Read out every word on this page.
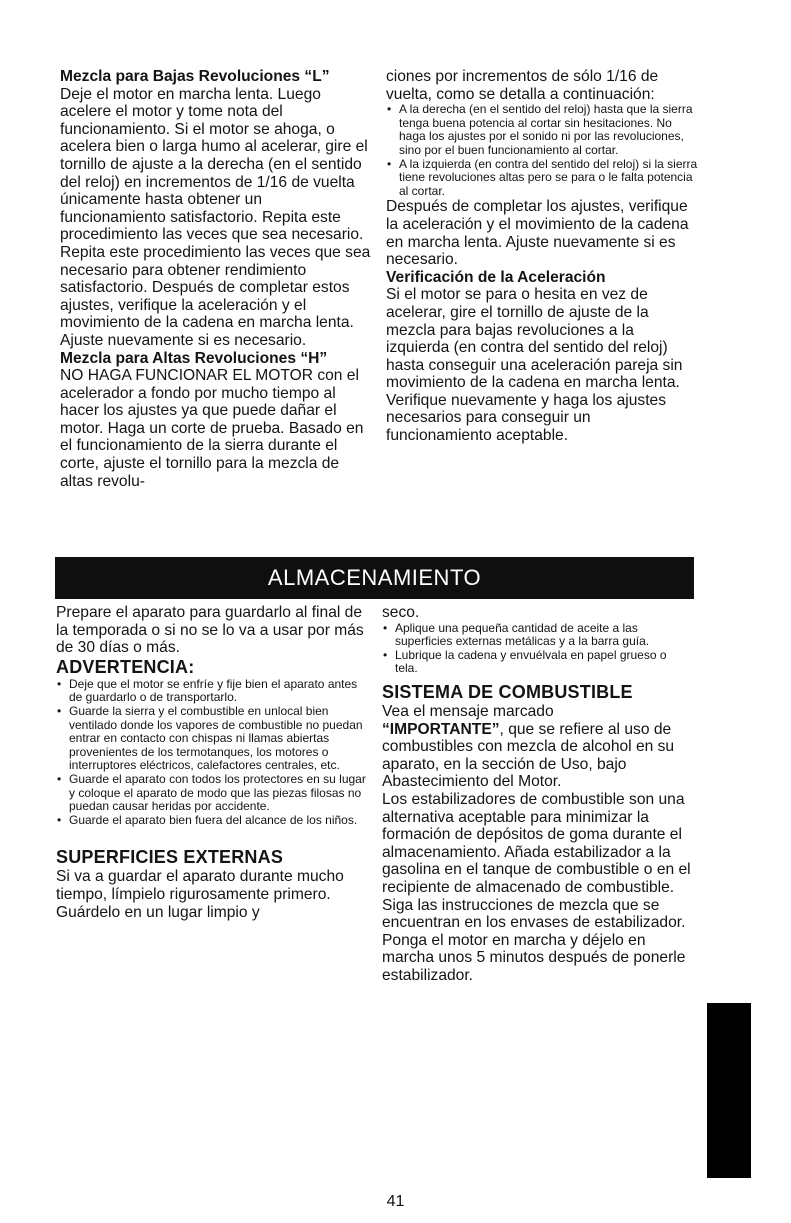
Mezcla para Bajas Revoluciones “L”

Deje el motor en marcha lenta. Luego acelere el motor y tome nota del funcionamiento. Si el motor se ahoga, o acelera bien o larga humo al acelerar, gire el tornillo de ajuste a la derecha (en el sentido del reloj) en incrementos de 1/16 de vuelta únicamente hasta obtener un funcionamiento satisfactorio. Repita este procedimiento las veces que sea necesario. Repita este procedimiento las veces que sea necesario para obtener rendimiento satisfactorio. Después de completar estos ajustes, verifique la aceleración y el movimiento de la cadena en marcha lenta. Ajuste nuevamente si es necesario.

Mezcla para Altas Revoluciones “H”

NO HAGA FUNCIONAR EL MOTOR con el acelerador a fondo por mucho tiempo al hacer los ajustes ya que puede dañar el motor. Haga un corte de prueba. Basado en el funcionamiento de la sierra durante el corte, ajuste el tornillo para la mezcla de altas revolu-

ciones por incrementos de sólo 1/16 de vuelta, como se detalla a continuación:

• A la derecha (en el sentido del reloj) hasta que la sierra tenga buena potencia al cortar sin hesitaciones. No haga los ajustes por el sonido ni por las revoluciones, sino por el buen funcionamiento al cortar.
• A la izquierda (en contra del sentido del reloj) si la sierra tiene revoluciones altas pero se para o le falta potencia al cortar.

Después de completar los ajustes, verifique la aceleración y el movimiento de la cadena en marcha lenta. Ajuste nuevamente si es necesario.

Verificación de la Aceleración

Si el motor se para o hesita en vez de acelerar, gire el tornillo de ajuste de la mezcla para bajas revoluciones a la izquierda (en contra del sentido del reloj) hasta conseguir una aceleración pareja sin movimiento de la cadena en marcha lenta. Verifique nuevamente y haga los ajustes necesarios para conseguir un funcionamiento aceptable.

ALMACENAMIENTO

Prepare el aparato para guardarlo al final de la temporada o si no se lo va a usar por más de 30 días o más.

ADVERTENCIA:

• Deje que el motor se enfríe y fije bien el aparato antes de guardarlo o de transportarlo.
• Guarde la sierra y el combustible en unlocal bien ventilado donde los vapores de combustible no puedan entrar en contacto con chispas ni llamas abiertas provenientes de los termotanques, los motores o interruptores eléctricos, calefactores centrales, etc.
• Guarde el aparato con todos los protectores en su lugar y coloque el aparato de modo que las piezas filosas no puedan causar heridas por accidente.
• Guarde el aparato bien fuera del alcance de los niños.

SUPERFICIES EXTERNAS

Si va a guardar el aparato durante mucho tiempo, límpielo rigurosamente primero. Guárdelo en un lugar limpio y

seco.

• Aplique una pequeña cantidad de aceite a las superficies externas metálicas y a la barra guía.
• Lubrique la cadena y envuélvala en papel grueso o tela.

SISTEMA DE COMBUSTIBLE

Vea el mensaje marcado
“IMPORTANTE”, que se refiere al uso de combustibles con mezcla de alcohol en su aparato, en la sección de Uso, bajo Abastecimiento del Motor.

Los estabilizadores de combustible son una alternativa aceptable para minimizar la formación de depósitos de goma durante el almacenamiento. Añada estabilizador a la gasolina en el tanque de combustible o en el recipiente de almacenado de combustible. Siga las instrucciones de mezcla que se encuentran en los envases de estabilizador. Ponga el motor en marcha y déjelo en marcha unos 5 minutos después de ponerle estabilizador.

41
